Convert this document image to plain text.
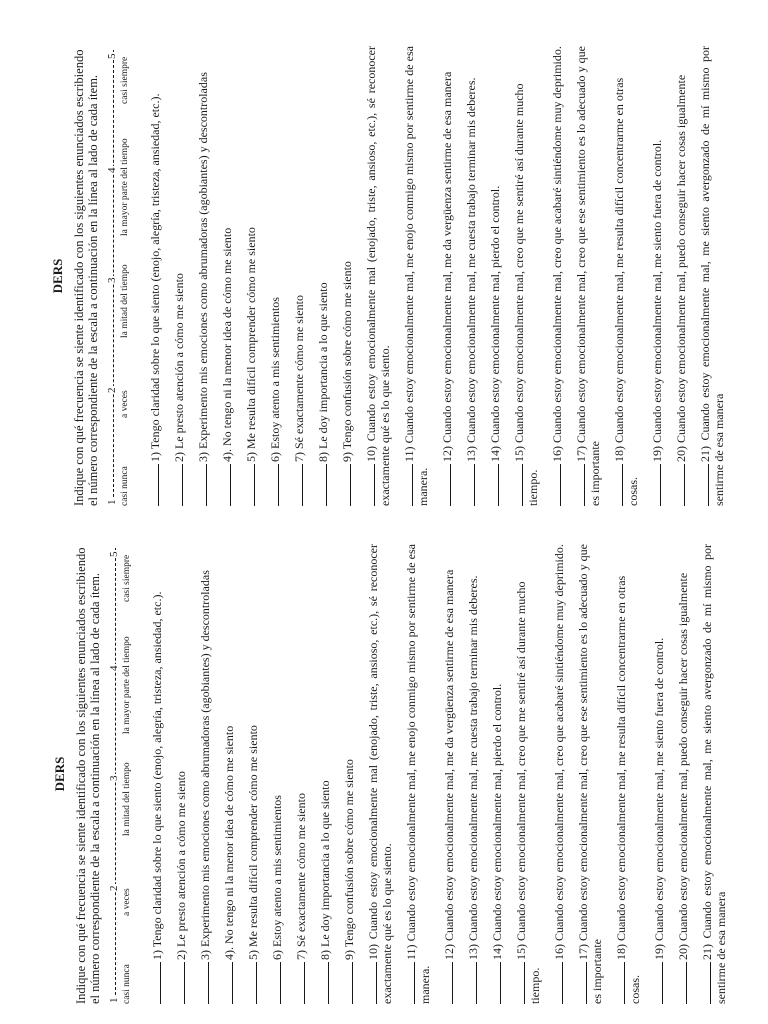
DERS Indique con qué frecuencia se siente identificado con los siguientes enunciados escribiendo el número correspondiente de la escala a continuación en la línea al lado de cada ítem. 1
2
3
4
5
casi nunca
a veces
la mitad del tiempo
la mayor parte del tiempo
casi siempre
1) Tengo claridad sobre lo que siento (enojo, alegría, tristeza, ansiedad, etc.). 2) Le presto atención a cómo me siento 3) Experimento mis emociones como abrumadoras (agobiantes) y descontroladas 4). No tengo ni la menor idea de cómo me siento 5) Me resulta difícil comprender cómo me siento 6) Estoy atento a mis sentimientos 7) Sé exactamente cómo me siento 8) Le doy importancia a lo que siento 9) Tengo confusión sobre cómo me siento 10) Cuando estoy emocionalmente mal (enojado, triste, ansioso, etc.), sé reconocer exactamente qué es lo que siento. 11) Cuando estoy emocionalmente mal, me enojo conmigo mismo por sentirme de esa manera.
12) Cuando estoy emocionalmente mal, me da vergüenza sentirme de esa manera 13) Cuando estoy emocionalmente mal, me cuesta trabajo terminar mis deberes. 14) Cuando estoy emocionalmente mal, pierdo el control. 15) Cuando estoy emocionalmente mal, creo que me sentiré así durante mucho tiempo.
16) Cuando estoy emocionalmente mal, creo que acabaré sintiéndome muy deprimido. 17) Cuando estoy emocionalmente mal, creo que ese sentimiento es lo adecuado y que es importante
18) Cuando estoy emocionalmente mal, me resulta difícil concentrarme en otras cosas.
19) Cuando estoy emocionalmente mal, me siento fuera de control. 20) Cuando estoy emocionalmente mal, puedo conseguir hacer cosas igualmente 21) Cuando estoy emocionalmente mal, me siento avergonzado de mí mismo por sentirme de esa manera
DERS Indique con qué frecuencia se siente identificado con los siguientes enunciados escribiendo el número correspondiente de la escala a continuación en la línea al lado de cada ítem. 1
2
3
4
5
casi nunca
a veces
la mitad del tiempo
la mayor parte del tiempo
casi siempre
1) Tengo claridad sobre lo que siento (enojo, alegría, tristeza, ansiedad, etc.). 2) Le presto atención a cómo me siento 3) Experimento mis emociones como abrumadoras (agobiantes) y descontroladas 4). No tengo ni la menor idea de cómo me siento 5) Me resulta difícil comprender cómo me siento 6) Estoy atento a mis sentimientos 7) Sé exactamente cómo me siento 8) Le doy importancia a lo que siento 9) Tengo confusión sobre cómo me siento 10) Cuando estoy emocionalmente mal (enojado, triste, ansioso, etc.), sé reconocer exactamente qué es lo que siento. 11) Cuando estoy emocionalmente mal, me enojo conmigo mismo por sentirme de esa manera.
12) Cuando estoy emocionalmente mal, me da vergüenza sentirme de esa manera 13) Cuando estoy emocionalmente mal, me cuesta trabajo terminar mis deberes. 14) Cuando estoy emocionalmente mal, pierdo el control. 15) Cuando estoy emocionalmente mal, creo que me sentiré así durante mucho tiempo.
16) Cuando estoy emocionalmente mal, creo que acabaré sintiéndome muy deprimido. 17) Cuando estoy emocionalmente mal, creo que ese sentimiento es lo adecuado y que es importante
18) Cuando estoy emocionalmente mal, me resulta difícil concentrarme en otras cosas.
19) Cuando estoy emocionalmente mal, me siento fuera de control. 20) Cuando estoy emocionalmente mal, puedo conseguir hacer cosas igualmente 21) Cuando estoy emocionalmente mal, me siento avergonzado de mí mismo por sentirme de esa manera
